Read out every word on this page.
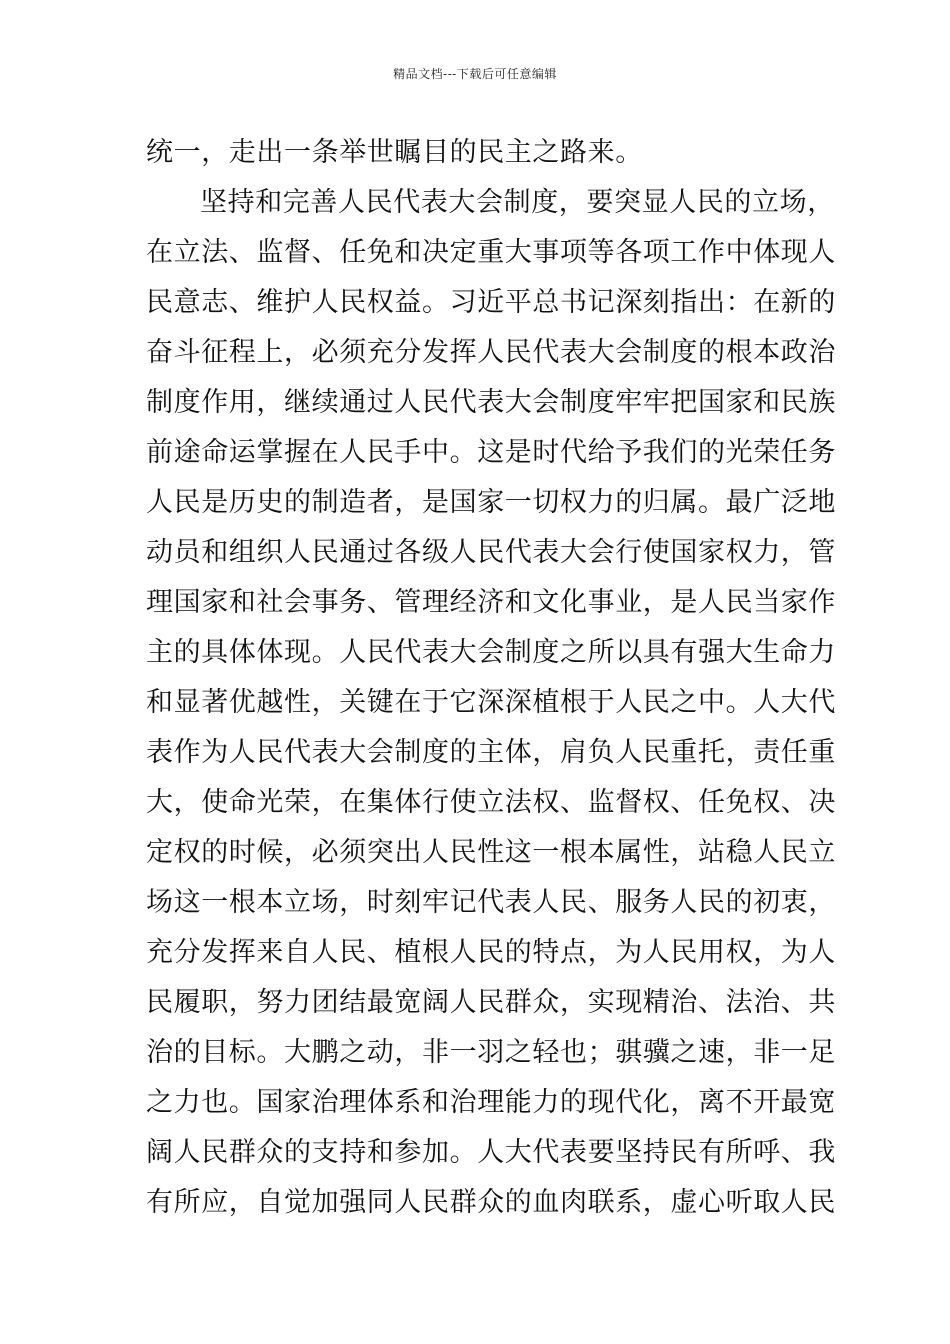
精品文档---下载后可任意编辑
统一，走出一条举世瞩目的民主之路来。
坚持和完善人民代表大会制度，要突显人民的立场，
在立法、监督、任免和决定重大事项等各项工作中体现人
民意志、维护人民权益。习近平总书记深刻指出：在新的
奋斗征程上，必须充分发挥人民代表大会制度的根本政治
制度作用，继续通过人民代表大会制度牢牢把国家和民族
前途命运掌握在人民手中。这是时代给予我们的光荣任务
人民是历史的制造者，是国家一切权力的归属。最广泛地
动员和组织人民通过各级人民代表大会行使国家权力，管
理国家和社会事务、管理经济和文化事业，是人民当家作
主的具体体现。人民代表大会制度之所以具有强大生命力
和显著优越性，关键在于它深深植根于人民之中。人大代
表作为人民代表大会制度的主体，肩负人民重托，责任重
大，使命光荣，在集体行使立法权、监督权、任免权、决
定权的时候，必须突出人民性这一根本属性，站稳人民立
场这一根本立场，时刻牢记代表人民、服务人民的初衷，
充分发挥来自人民、植根人民的特点，为人民用权，为人
民履职，努力团结最宽阔人民群众，实现精治、法治、共
治的目标。大鹏之动，非一羽之轻也；骐骥之速，非一足
之力也。国家治理体系和治理能力的现代化，离不开最宽
阔人民群众的支持和参加。人大代表要坚持民有所呼、我
有所应，自觉加强同人民群众的血肉联系，虚心听取人民
